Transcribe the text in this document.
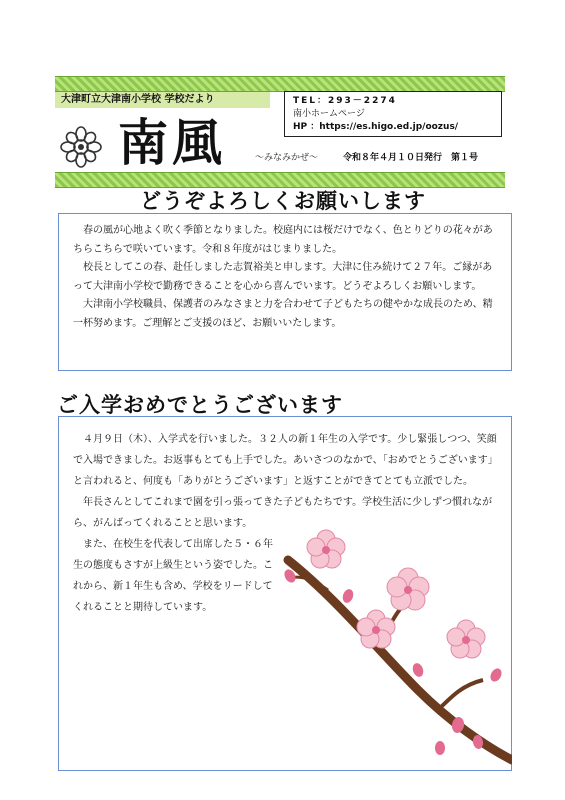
大津町立大津南小学校 学校だより
南風	～みなみかぜ～
TEL：293－2274
南小ホームページ
HP ：https://es.higo.ed.jp/oozus/
令和８年４月１０日発行　第１号
どうぞよろしくお願いします

春の風が心地よく吹く季節となりました。校庭内には桜だけでなく、色とりどりの花々があちらこちらで咲いています。令和８年度がはじまりました。

校長としてこの春、赴任しました志賀裕美と申します。大津に住み続けて２７年。ご縁があって大津南小学校で勤務できることを心から喜んでいます。どうぞよろしくお願いします。

大津南小学校職員、保護者のみなさまと力を合わせて子どもたちの健やかな成長のため、精一杯努めます。ご理解とご支援のほど、お願いいたします。

ご入学おめでとうございます

４月９日（木）、入学式を行いました。３２人の新１年生の入学です。少し緊張しつつ、笑顔で入場できました。お返事もとても上手でした。あいさつのなかで、「おめでとうございます」と言われると、何度も「ありがとうございます」と返すことができてとても立派でした。

年長さんとしてこれまで園を引っ張ってきた子どもたちです。学校生活に少しずつ慣れながら、がんばってくれることと思います。

また、在校生を代表して出席した５・６年生の態度もさすが上級生という姿でした。これから、新１年生も含め、学校をリードしてくれることと期待しています。
